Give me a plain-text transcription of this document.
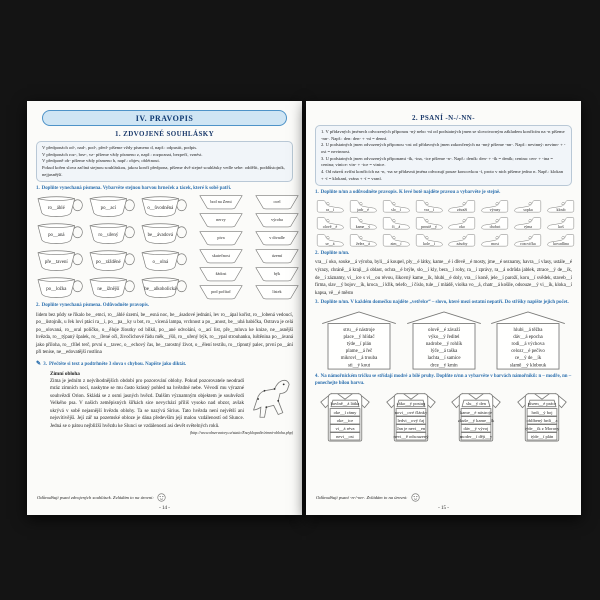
IV. PRAVOPIS
1. ZDVOJENÉ SOUHLÁSKY
V předponách od-, nad-, pod-, před- píšeme vždy písmeno d, např.: odpustit, podpis.
V předponách roz-, bez-, vz- píšeme vždy písmeno z, např.: rozpoznat, bezpečí, vznést.
V předponě ob- píšeme vždy písmeno b, např.: objev, oblétnout.
Pokud kořen slova začíná stejnou souhláskou, jakou končí předpona, píšeme dvě stejné souhlásky vedle sebe: oddělit, poddůstojník, nejjasnější.
1. Doplňte vynechaná písmena. Vybarvěte stejnou barvou hrneček a tácek, které k sobě patří.
ro__áhlé	po__ací	o__ůvodněná
po__aná	ro__uřený	be__ávadová
pře__tavení	po__rážděné	o__olná
po__ložka	ne__ižnější	be__alkoholická
bod na Zemi	ocel
nervy	výroba
piva	v divadle
skutečnost	území
žádost	býk
pod počítač	lístek
2. Doplňte vynechaná písmena. Odůvodněte pravopis.
lidem bez půdy se říkalo be__emci, ro__áhlé území, be__esná noc, be__ásadové jednání, lev ro__ápal kořist, ro__lobená vedoucí, po__ůstojník, u řek loví ptáci ra__i, po__pa__ky u bot, ro__vícená lampa, vrchnost a po__anost, be__ubá babička, Ostrava je celá po__olovaná, ro__oral políčko, o__ěluje žloutky od bílků, po__ané odvolání, o__ací list, pře__mluva ke knize, ne__asnější hvězda, ro__týpaný špalek, ro__ířené oči, živočichové řádu měk__ýšů, ro__uřený býk, ro__ypal strouhanku, luštěnina po__ávaná jako příloha, ro__třílel terč, první o__tavec, o__echový čas, be__tarostný život, o__ělení textilu, ro__típnutý palec, první po__ání při tenise, ne__edovatější rostlina
✎ 3. Přečtěte si text a podtrhněte 3 slova s chybou. Napište jako diktát.
Zimní obloha
Zima je jedním z nejvíhodnějších období pro pozorování oblohy. Pokud pozorovatele neodradí mráz zimních nocí, naskytne se mu často krásný pohled na hvězdné nebe. Vévodí mu výrazné souhvězdí Orion. Skládá se z osmi jasných hvězd. Dalším významným objektem je souhvězdí Velkého psa. V našich zeměpisných šířkách sice nevychází příliš vysoko nad obzor, avšak ukrývá v sobě nejasnější hvězdu oblohy. Ta se nazývá Sirius. Tato hvězda není největší ani nejsvítivější. Její zář na pozemské obloze je dána především její malou vzdáleností od Slunce. Jedná se o pátou nejbližší hvězdu ke Slunci se vzdáleností asi devět světelných roků.
(http://www.observatory.cz/static/Encyklopedie/zimni-obloha.php)
Odůvodňuji psaní zdvojených souhlásek. Zvládám to na úrovni:
- 14 -
2. PSANÍ -N-/-NN-
1. V přídavných jménech odvozených příponou -ný nebo -ní od podstatných jmen se slovotvorným základem končícím na -n píšeme -nn-. Např.: den: den- + -ní = denní.
2. U podstatných jmen odvozených příponou -ost od přídavných jmen zakončených na -nný píšeme -nn-. Např.: nevinný: nevinn- + -ost = nevinnost.
3. U podstatných jmen odvozených příponami -ík, -ina, -ice píšeme -n-. Např.: deník: den- + -ík = deník; cenina: cen- + -ina = cenina; vinice: vin- + -ice = vinice.
4. Od názvů zvířat končících na -n, -na se přídavná jména odvozují pouze koncovkou -í, proto v nich píšeme jedno n. Např.: klokan + -í = klokaní, vrána + -í = vraní.
1. Doplňte n/nn a odůvodněte pravopis. K levé botě najděte pravou a vybarvěte je stejně.
ra__í	jadr__é	slo__í	vra__í	závaží	výrazy	sopka	kloub
olově__é	kame__ý	či__á	proutě__ý	oko	chobot	rýma	koš
se__á	želez__á	zim__í	kole__í	zásoby	most	rozcvička kovadlina
2. Doplňte n/nn.
vra__í oko, souke__á výroba, byli__á koupel, ply__é látky, kame__é i dřevě__é mosty, jme__é seznamy, havra__í vlasy, ustále__é výrazy, chráně__á kraji__á oblast, ochra__é brýle, slo__í kly, bera__í rohy, ra__í zprávy, ra__á odrůda jablek, ztrace__ý de__ík, de__í záznamy, vi__ice s vi__ou révou, šikovný kame__ík, hlubi__é doly, vra__í koně, jele__í paroží, koru__í svědek, staveb__í firma, slav__ý bojov__ík, kroca__í křik, telefo__í číslo, tule__í mládě, violka vo__á, chatr__á košile, odsouze__ý vi__ík, kloka__í kapsa, vě__é město
3. Doplňte n/nn. V každém domečku najděte „vetřelce“ – slovo, které mezi ostatní nepatří. Do stříšky napište jejich počet.
stru__é nástroje
place__ý hlídač
týde__í plán
plame__á řeč
mikrovl__á trouba
sti__ý kout
olově__é závaží
výko__ý ředitel
nadrobe__ý rohlík
lýče__á taška
lachta__í samice
drce__ý kmín
hlubi__á těžba
dáv__á epocha
rodi__á výchova
celozr__é pečivo
ce__ý de__ík
slamě__ý klobouk
4. Na námořnickém tričku se střídají modré a bílé pruhy. Doplňte n/nn a vybarvěte v barvách námořníků: n – modře, nn – ponechejte bílou barvu.
bavlně__á látka
oke__í rámy
oke__ice
vi__á réva
nevi__ost
záko__ý postup
novi__ové články
ledvi__ový čaj
Jan je nevi__en
nevi__ě odsouzený
slu__ý den
kame__é nástroje
zkuše__ý kame__ík
dáv__ý vývoj
moder__í ději__y
písem__é práce
hrdi__ý boj
oblíbený hrdi__a
týde__ík z Moravy
týde__í plán
Odůvodňuji psaní -n-/-nn-. Zvládám to na úrovni:
- 15 -
